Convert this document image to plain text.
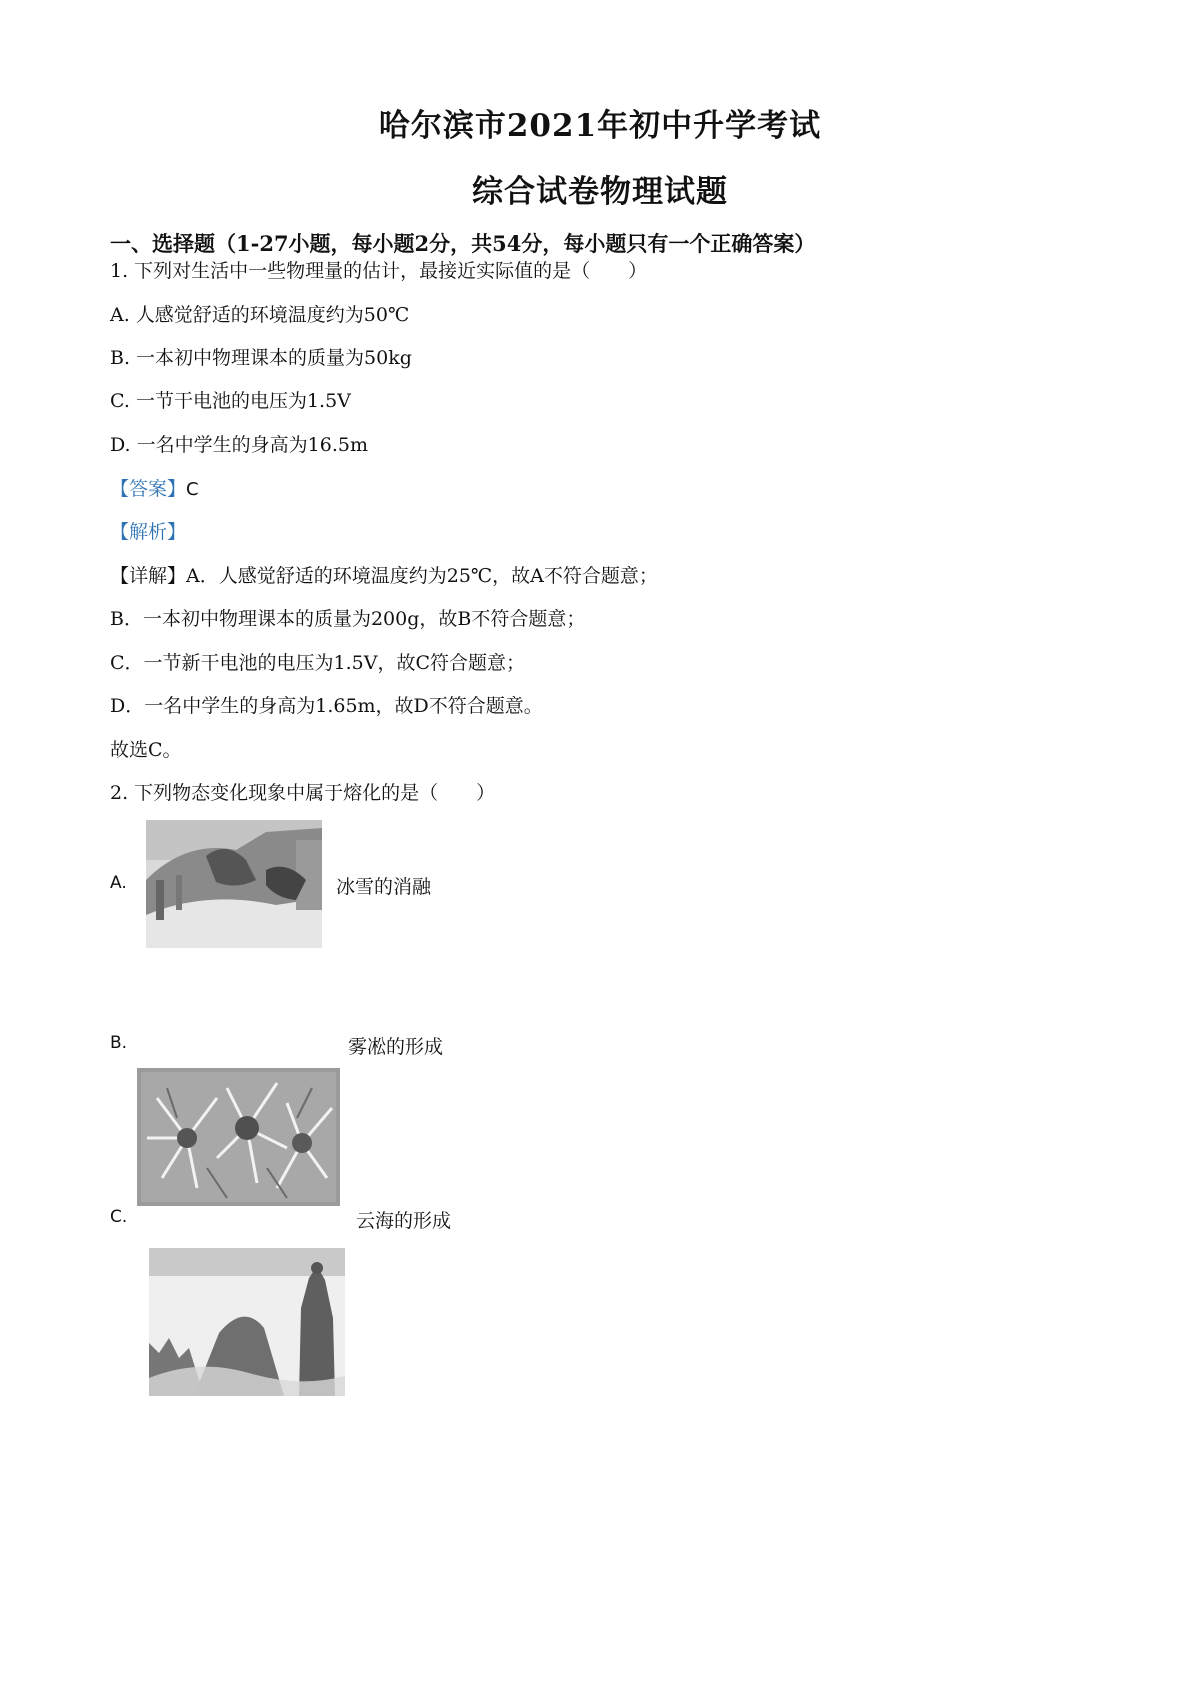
哈尔滨市2021年初中升学考试
综合试卷物理试题
一、选择题（1-27小题，每小题2分，共54分，每小题只有一个正确答案）
1. 下列对生活中一些物理量的估计，最接近实际值的是（　　）
A. 人感觉舒适的环境温度约为50℃
B. 一本初中物理课本的质量为50kg
C. 一节干电池的电压为1.5V
D. 一名中学生的身高为16.5m
【答案】C
【解析】
【详解】A．人感觉舒适的环境温度约为25℃，故A不符合题意；
B．一本初中物理课本的质量为200g，故B不符合题意；
C．一节新干电池的电压为1.5V，故C符合题意；
D．一名中学生的身高为1.65m，故D不符合题意。
故选C。
2. 下列物态变化现象中属于熔化的是（　　）
A.	冰雪的消融
B.	雾凇的形成
C.	云海的形成
